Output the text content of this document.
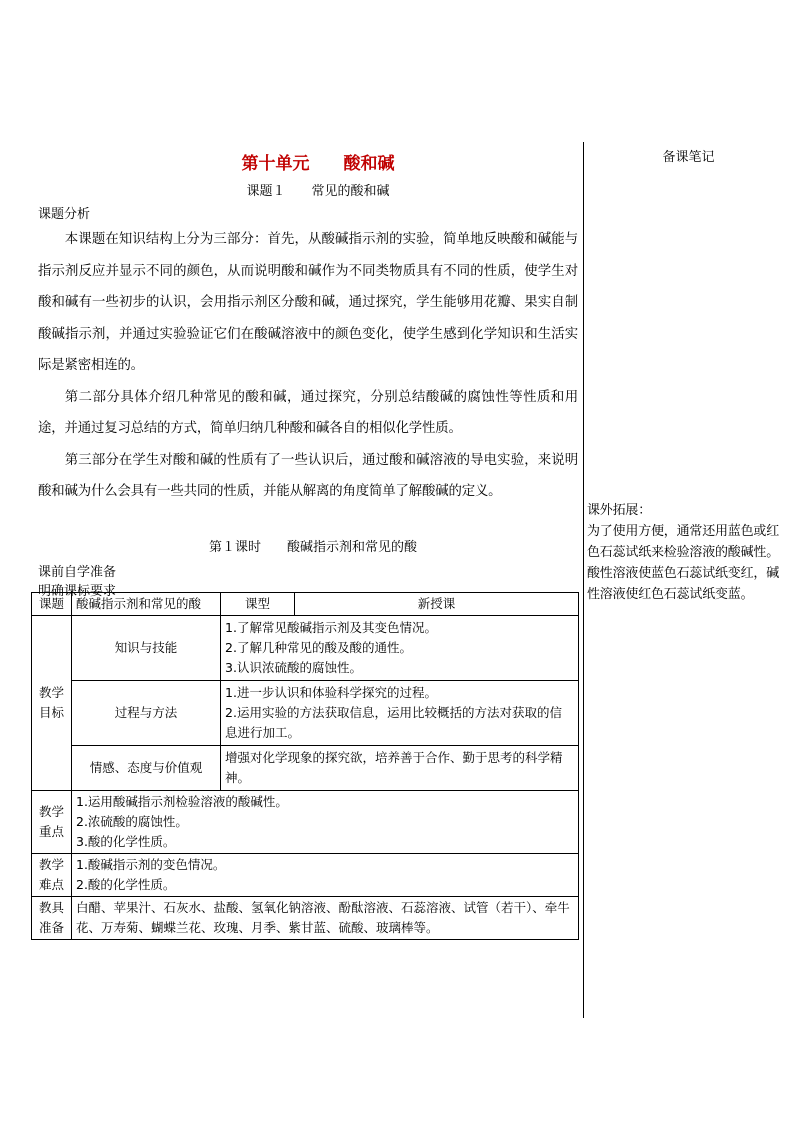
备课笔记
课外拓展：
为了使用方便，通常还用蓝色或红色石蕊试纸来检验溶液的酸碱性。酸性溶液使蓝色石蕊试纸变红，碱性溶液使红色石蕊试纸变蓝。
第十单元　　酸和碱
课题１　　常见的酸和碱
课题分析
本课题在知识结构上分为三部分：首先，从酸碱指示剂的实验，简单地反映酸和碱能与指示剂反应并显示不同的颜色，从而说明酸和碱作为不同类物质具有不同的性质，使学生对酸和碱有一些初步的认识，会用指示剂区分酸和碱，通过探究，学生能够用花瓣、果实自制酸碱指示剂，并通过实验验证它们在酸碱溶液中的颜色变化，使学生感到化学知识和生活实际是紧密相连的。
第二部分具体介绍几种常见的酸和碱，通过探究，分别总结酸碱的腐蚀性等性质和用途，并通过复习总结的方式，简单归纳几种酸和碱各自的相似化学性质。
第三部分在学生对酸和碱的性质有了一些认识后，通过酸和碱溶液的导电实验，来说明酸和碱为什么会具有一些共同的性质，并能从解离的角度简单了解酸碱的定义。
第１课时　　酸碱指示剂和常见的酸
课前自学准备
明确课标要求
课题	酸碱指示剂和常见的酸	课型	新授课
教学目标	知识与技能	1.了解常见酸碱指示剂及其变色情况。
2.了解几种常见的酸及酸的通性。
3.认识浓硫酸的腐蚀性。	

	过程与方法	1.进一步认识和体验科学探究的过程。
2.运用实验的方法获取信息，运用比较概括的方法对获取的信息进行加工。	

	情感、态度与价值观	增强对化学现象的探究欲，培养善于合作、勤于思考的科学精神。	

教学重点	1.运用酸碱指示剂检验溶液的酸碱性。
2.浓硫酸的腐蚀性。
3.酸的化学性质。		

教学难点	1.酸碱指示剂的变色情况。
2.酸的化学性质。		

教具准备	白醋、苹果汁、石灰水、盐酸、氢氧化钠溶液、酚酞溶液、石蕊溶液、试管（若干）、牵牛花、万寿菊、蝴蝶兰花、玫瑰、月季、紫甘蓝、硫酸、玻璃棒等。		
